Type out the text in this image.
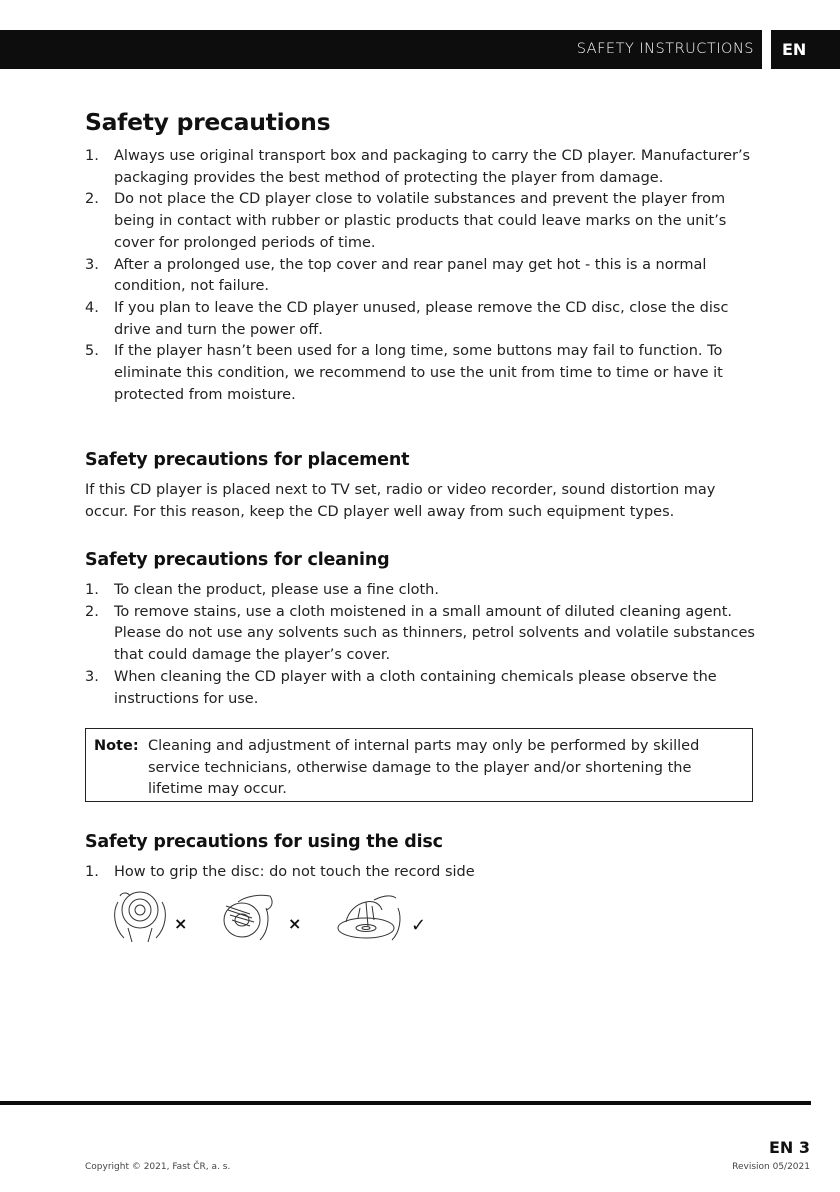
SAFETY INSTRUCTIONS EN
Safety precautions
1. Always use original transport box and packaging to carry the CD player. Manufacturer’s packaging provides the best method of protecting the player from damage.
2. Do not place the CD player close to volatile substances and prevent the player from being in contact with rubber or plastic products that could leave marks on the unit’s cover for prolonged periods of time.
3. After a prolonged use, the top cover and rear panel may get hot - this is a normal condition, not failure.
4. If you plan to leave the CD player unused, please remove the CD disc, close the disc drive and turn the power off.
5. If the player hasn’t been used for a long time, some buttons may fail to function. To eliminate this condition, we recommend to use the unit from time to time or have it protected from moisture.
Safety precautions for placement

If this CD player is placed next to TV set, radio or video recorder, sound distortion may occur. For this reason, keep the CD player well away from such equipment types.

Safety precautions for cleaning
1. To clean the product, please use a fine cloth.
2. To remove stains, use a cloth moistened in a small amount of diluted cleaning agent. Please do not use any solvents such as thinners, petrol solvents and volatile substances that could damage the player’s cover.
3. When cleaning the CD player with a cloth containing chemicals please observe the instructions for use.
Note: Cleaning and adjustment of internal parts may only be performed by skilled service technicians, otherwise damage to the player and/or shortening the lifetime may occur.
Safety precautions for using the disc
1. How to grip the disc: do not touch the record side
×	×	✓
EN 3
Copyright © 2021, Fast ČR, a. s.	Revision 05/2021
